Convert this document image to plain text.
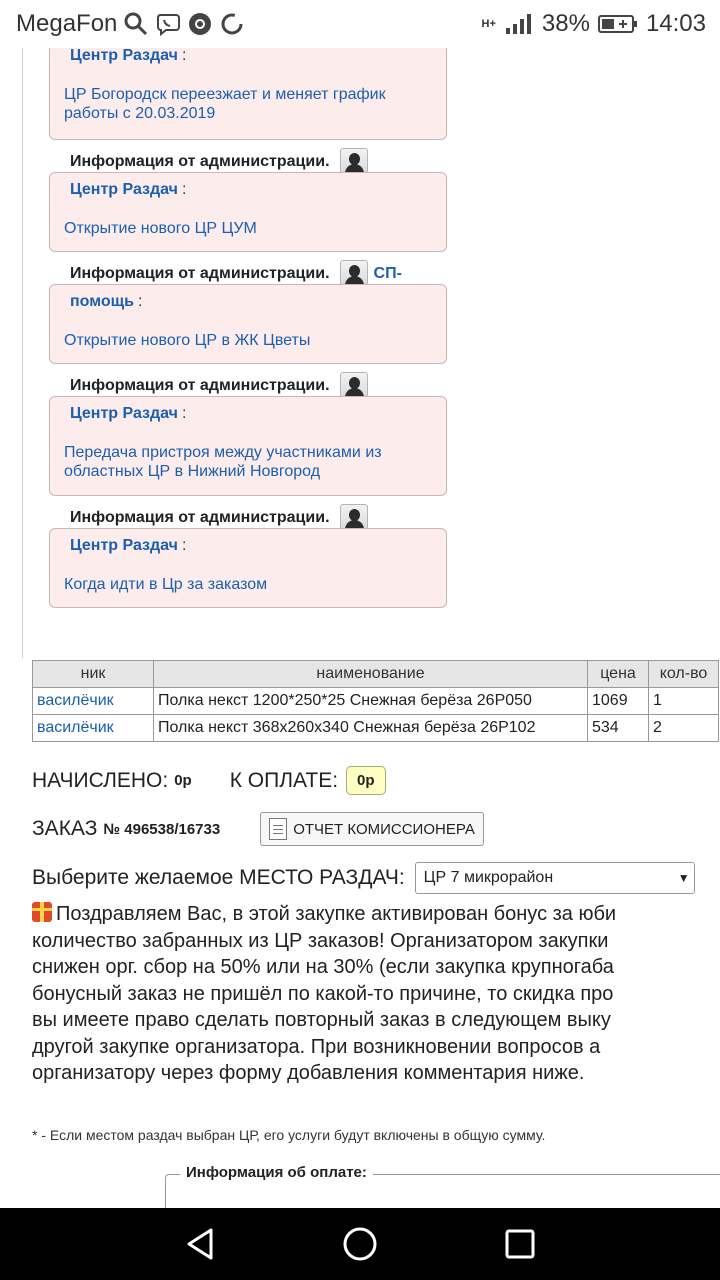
MegaFon	H+ 38% 14:03
Центр Раздач :
ЦР Богородск переезжает и меняет график работы с 20.03.2019
Информация от администрации.
Центр Раздач :
Открытие нового ЦР ЦУМ
Информация от администрации.	СП-
помощь :
Открытие нового ЦР в ЖК Цветы
Информация от администрации.
Центр Раздач :
Передача пристроя между участниками из областных ЦР в Нижний Новгород
Информация от администрации.
Центр Раздач :
Когда идти в Цр за заказом
ник	наименование	цена	кол-во
василёчик	Полка некст 1200*250*25 Снежная берёза 26Р050	1069	1
василёчик	Полка некст 368х260х340 Снежная берёза 26Р102	534	2
НАЧИСЛЕНО: 0р К ОПЛАТЕ:	0р
ЗАКАЗ № 496538/16733	ОТЧЕТ КОМИССИОНЕРА
Выберите желаемое МЕСТО РАЗДАЧ: ЦР 7 микрорайон	▼
Поздравляем Вас, в этой закупке активирован бонус за юби
количество забранных из ЦР заказов! Организатором закупки
снижен орг. сбор на 50% или на 30% (если закупка крупногаба
бонусный заказ не пришёл по какой-то причине, то скидка про
вы имеете право сделать повторный заказ в следующем выку
другой закупке организатора. При возникновении вопросов а
организатору через форму добавления комментария ниже.
* - Если местом раздач выбран ЦР, его услуги будут включены в общую сумму.
Информация об оплате:
